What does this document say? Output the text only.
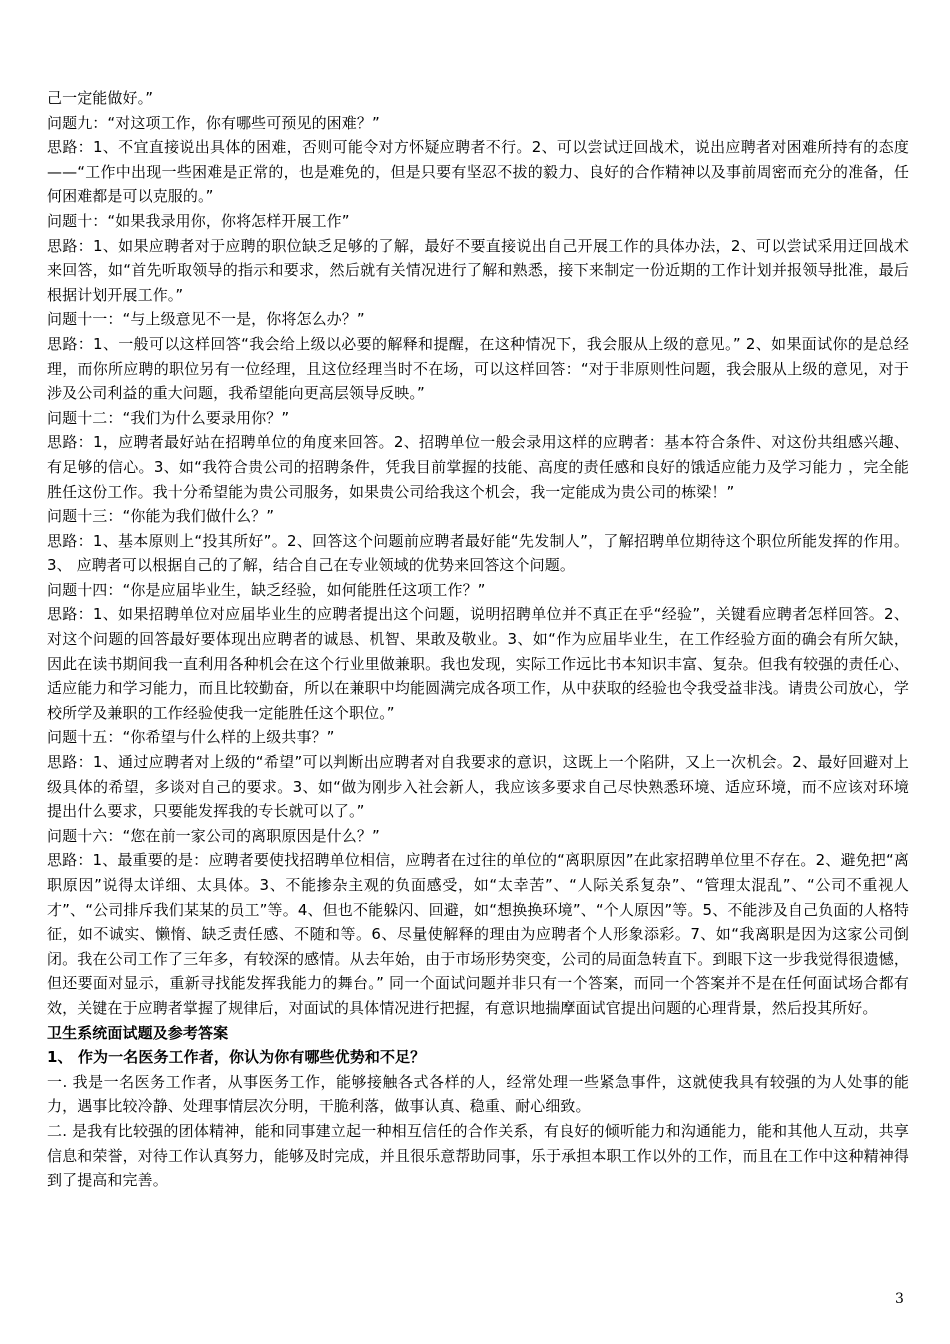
己一定能做好。”

问题九：“对这项工作，你有哪些可预见的困难？”

思路：1、不宜直接说出具体的困难，否则可能令对方怀疑应聘者不行。2、可以尝试迂回战术，说出应聘者对困难所持有的态度——“工作中出现一些困难是正常的，也是难免的，但是只要有坚忍不拔的毅力、良好的合作精神以及事前周密而充分的准备，任何困难都是可以克服的。”

问题十：“如果我录用你，你将怎样开展工作”

思路：1、如果应聘者对于应聘的职位缺乏足够的了解，最好不要直接说出自己开展工作的具体办法，2、可以尝试采用迂回战术来回答，如“首先听取领导的指示和要求，然后就有关情况进行了解和熟悉，接下来制定一份近期的工作计划并报领导批准，最后根据计划开展工作。”

问题十一：“与上级意见不一是，你将怎么办？”

思路：1、一般可以这样回答“我会给上级以必要的解释和提醒，在这种情况下，我会服从上级的意见。” 2、如果面试你的是总经理，而你所应聘的职位另有一位经理，且这位经理当时不在场，可以这样回答：“对于非原则性问题，我会服从上级的意见，对于涉及公司利益的重大问题，我希望能向更高层领导反映。”

问题十二：“我们为什么要录用你？”

思路：1，应聘者最好站在招聘单位的角度来回答。2、招聘单位一般会录用这样的应聘者：基本符合条件、对这份共组感兴趣、有足够的信心。3、如“我符合贵公司的招聘条件，凭我目前掌握的技能、高度的责任感和良好的饿适应能力及学习能力 ，完全能胜任这份工作。我十分希望能为贵公司服务，如果贵公司给我这个机会，我一定能成为贵公司的栋梁！”

问题十三：“你能为我们做什么？”

思路：1、基本原则上“投其所好”。2、回答这个问题前应聘者最好能“先发制人”，了解招聘单位期待这个职位所能发挥的作用。 3、 应聘者可以根据自己的了解，结合自己在专业领域的优势来回答这个问题。

问题十四：“你是应届毕业生，缺乏经验，如何能胜任这项工作？”

思路：1、如果招聘单位对应届毕业生的应聘者提出这个问题，说明招聘单位并不真正在乎“经验”，关键看应聘者怎样回答。2、对这个问题的回答最好要体现出应聘者的诚恳、机智、果敢及敬业。3、如“作为应届毕业生，在工作经验方面的确会有所欠缺，因此在读书期间我一直利用各种机会在这个行业里做兼职。我也发现，实际工作远比书本知识丰富、复杂。但我有较强的责任心、适应能力和学习能力，而且比较勤奋，所以在兼职中均能圆满完成各项工作，从中获取的经验也令我受益非浅。请贵公司放心，学校所学及兼职的工作经验使我一定能胜任这个职位。”

问题十五：“你希望与什么样的上级共事？”

思路：1、通过应聘者对上级的“希望”可以判断出应聘者对自我要求的意识，这既上一个陷阱，又上一次机会。2、最好回避对上级具体的希望，多谈对自己的要求。3、如“做为刚步入社会新人，我应该多要求自己尽快熟悉环境、适应环境，而不应该对环境提出什么要求，只要能发挥我的专长就可以了。”

问题十六：“您在前一家公司的离职原因是什么？”

思路：1、最重要的是：应聘者要使找招聘单位相信，应聘者在过往的单位的“离职原因”在此家招聘单位里不存在。2、避免把“离职原因”说得太详细、太具体。3、不能掺杂主观的负面感受，如“太幸苦”、“人际关系复杂”、“管理太混乱”、“公司不重视人才”、“公司排斥我们某某的员工”等。4、但也不能躲闪、回避，如“想换换环境”、“个人原因”等。5、不能涉及自己负面的人格特征，如不诚实、懒惰、缺乏责任感、不随和等。6、尽量使解释的理由为应聘者个人形象添彩。7、如“我离职是因为这家公司倒闭。我在公司工作了三年多，有较深的感情。从去年始，由于市场形势突变，公司的局面急转直下。到眼下这一步我觉得很遗憾，但还要面对显示，重新寻找能发挥我能力的舞台。” 同一个面试问题并非只有一个答案，而同一个答案并不是在任何面试场合都有效，关键在于应聘者掌握了规律后，对面试的具体情况进行把握，有意识地揣摩面试官提出问题的心理背景，然后投其所好。

卫生系统面试题及参考答案

1、 作为一名医务工作者，你认为你有哪些优势和不足？

一. 我是一名医务工作者，从事医务工作，能够接触各式各样的人，经常处理一些紧急事件，这就使我具有较强的为人处事的能力，遇事比较冷静、处理事情层次分明，干脆利落，做事认真、稳重、耐心细致。

二. 是我有比较强的团体精神，能和同事建立起一种相互信任的合作关系，有良好的倾听能力和沟通能力，能和其他人互动，共享信息和荣誉，对待工作认真努力，能够及时完成，并且很乐意帮助同事，乐于承担本职工作以外的工作，而且在工作中这种精神得到了提高和完善。

3
